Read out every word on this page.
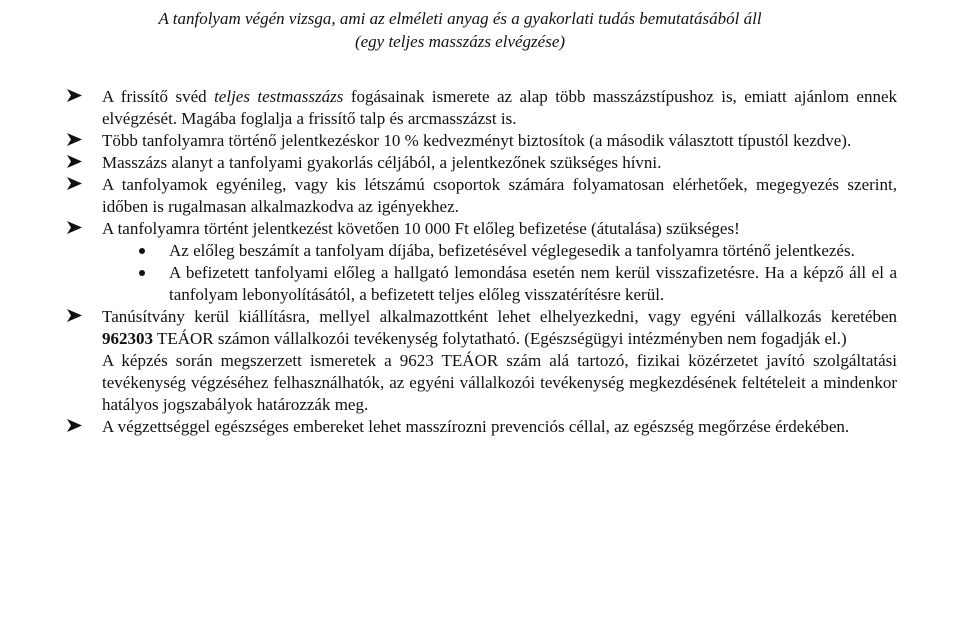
A tanfolyam végén vizsga, ami az elméleti anyag és a gyakorlati tudás bemutatásából áll
(egy teljes masszázs elvégzése)

A frissítő svéd teljes testmasszázs fogásainak ismerete az alap több masszázstípushoz is, emiatt ajánlom ennek elvégzését. Magába foglalja a frissítő talp és arcmasszázst is.

Több tanfolyamra történő jelentkezéskor 10 % kedvezményt biztosítok (a második választott típustól kezdve).

Masszázs alanyt a tanfolyami gyakorlás céljából, a jelentkezőnek szükséges hívni.

A tanfolyamok egyénileg, vagy kis létszámú csoportok számára folyamatosan elérhetőek, megegyezés szerint, időben is rugalmasan alkalmazkodva az igényekhez.

A tanfolyamra történt jelentkezést követően 10 000 Ft előleg befizetése (átutalása) szükséges!

Az előleg beszámít a tanfolyam díjába, befizetésével véglegesedik a tanfolyamra történő jelentkezés.

A befizetett tanfolyami előleg a hallgató lemondása esetén nem kerül visszafizetésre. Ha a képző áll el a tanfolyam lebonyolításától, a befizetett teljes előleg visszatérítésre kerül.

Tanúsítvány kerül kiállításra, mellyel alkalmazottként lehet elhelyezkedni, vagy egyéni vállalkozás keretében 962303 TEÁOR számon vállalkozói tevékenység folytatható. (Egészségügyi intézményben nem fogadják el.)

A képzés során megszerzett ismeretek a 9623 TEÁOR szám alá tartozó, fizikai közérzetet javító szolgáltatási tevékenység végzéséhez felhasználhatók, az egyéni vállalkozói tevékenység megkezdésének feltételeit a mindenkor hatályos jogszabályok határozzák meg.

A végzettséggel egészséges embereket lehet masszírozni prevenciós céllal, az egészség megőrzése érdekében.
